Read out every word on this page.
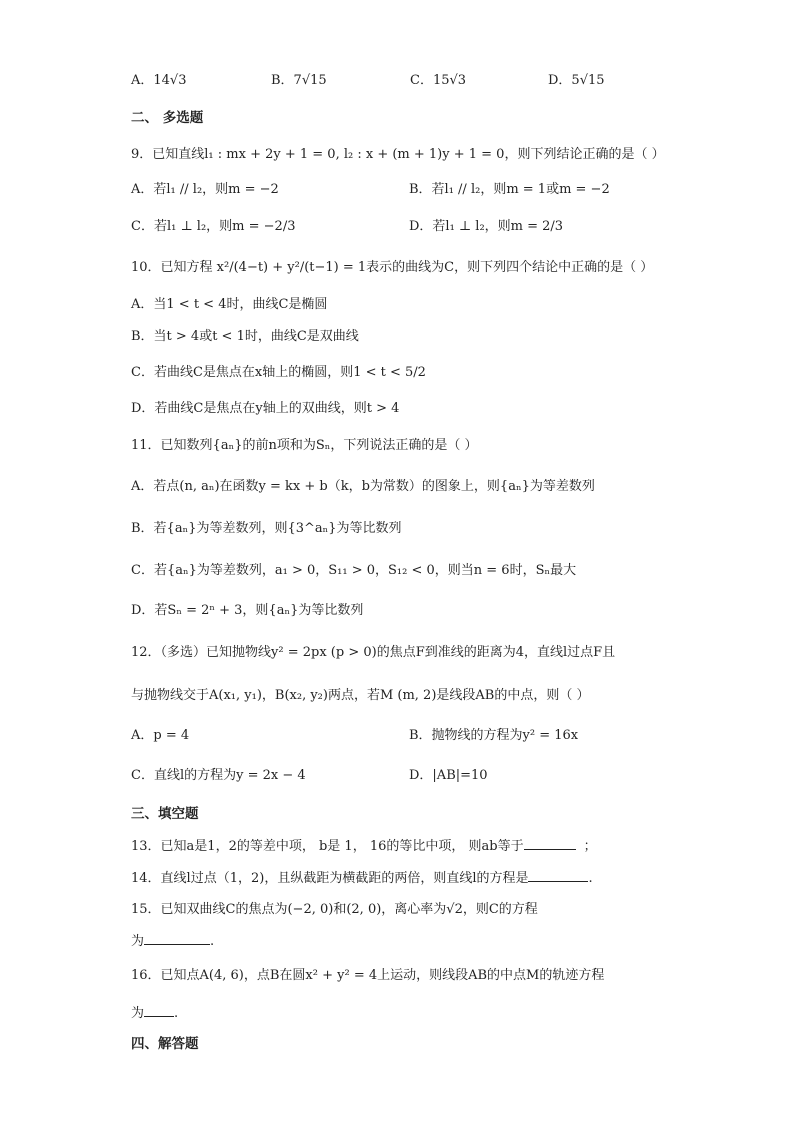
A．14√3	B．7√15	C．15√3	D．5√15
二、 多选题
9．已知直线l₁ : mx + 2y + 1 = 0, l₂ : x + (m + 1)y + 1 = 0，则下列结论正确的是（ ）
A．若l₁ // l₂，则m = −2	B．若l₁ // l₂，则m = 1或m = −2
C．若l₁ ⊥ l₂，则m = −2/3	D．若l₁ ⊥ l₂，则m = 2/3
10．已知方程 x²/(4−t) + y²/(t−1) = 1表示的曲线为C，则下列四个结论中正确的是（ ）
A．当1 < t < 4时，曲线C是椭圆
B．当t > 4或t < 1时，曲线C是双曲线
C．若曲线C是焦点在x轴上的椭圆，则1 < t < 5/2
D．若曲线C是焦点在y轴上的双曲线，则t > 4
11．已知数列{aₙ}的前n项和为Sₙ，下列说法正确的是（ ）
A．若点(n, aₙ)在函数y = kx + b（k，b为常数）的图象上，则{aₙ}为等差数列
B．若{aₙ}为等差数列，则{3^aₙ}为等比数列
C．若{aₙ}为等差数列，a₁ > 0，S₁₁ > 0，S₁₂ < 0，则当n = 6时，Sₙ最大
D．若Sₙ = 2ⁿ + 3，则{aₙ}为等比数列
12．（多选）已知抛物线y² = 2px (p > 0)的焦点F到准线的距离为4，直线l过点F且
与抛物线交于A(x₁, y₁)，B(x₂, y₂)两点，若M (m, 2)是线段AB的中点，则（ ）
A．p = 4	B．抛物线的方程为y² = 16x
C．直线l的方程为y = 2x − 4	D．|AB|=10
三、填空题
13．已知a是1，2的等差中项， b是 1， 16的等比中项， 则ab等于	；
14．直线l过点（1，2)，且纵截距为横截距的两倍，则直线l的方程是	.
15．已知双曲线C的焦点为(−2, 0)和(2, 0)，离心率为√2，则C的方程
为	.
16．已知点A(4, 6)，点B在圆x² + y² = 4上运动，则线段AB的中点M的轨迹方程
为 .
四、解答题
